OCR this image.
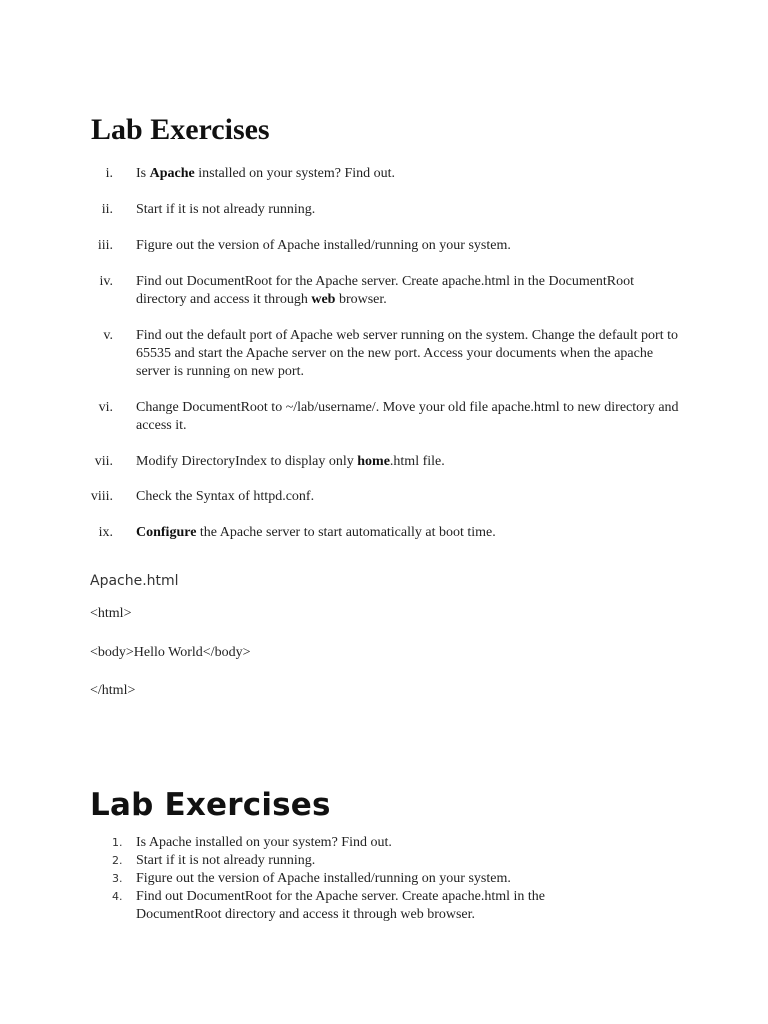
Lab Exercises
i. Is Apache installed on your system? Find out.
ii. Start if it is not already running.
iii. Figure out the version of Apache installed/running on your system.
iv. Find out DocumentRoot for the Apache server. Create apache.html in the DocumentRoot directory and access it through web browser.
v. Find out the default port of Apache web server running on the system. Change the default port to 65535 and start the Apache server on the new port. Access your documents when the apache server is running on new port.
vi. Change DocumentRoot to ~/lab/username/. Move your old file apache.html to new directory and access it.
vii. Modify DirectoryIndex to display only home.html file.
viii. Check the Syntax of httpd.conf.
ix. Configure the Apache server to start automatically at boot time.
Apache.html
<html>
<body>Hello World</body>
</html>
Lab Exercises
1. Is Apache installed on your system? Find out.
2. Start if it is not already running.
3. Figure out the version of Apache installed/running on your system.
4. Find out DocumentRoot for the Apache server. Create apache.html in the DocumentRoot directory and access it through web browser.
